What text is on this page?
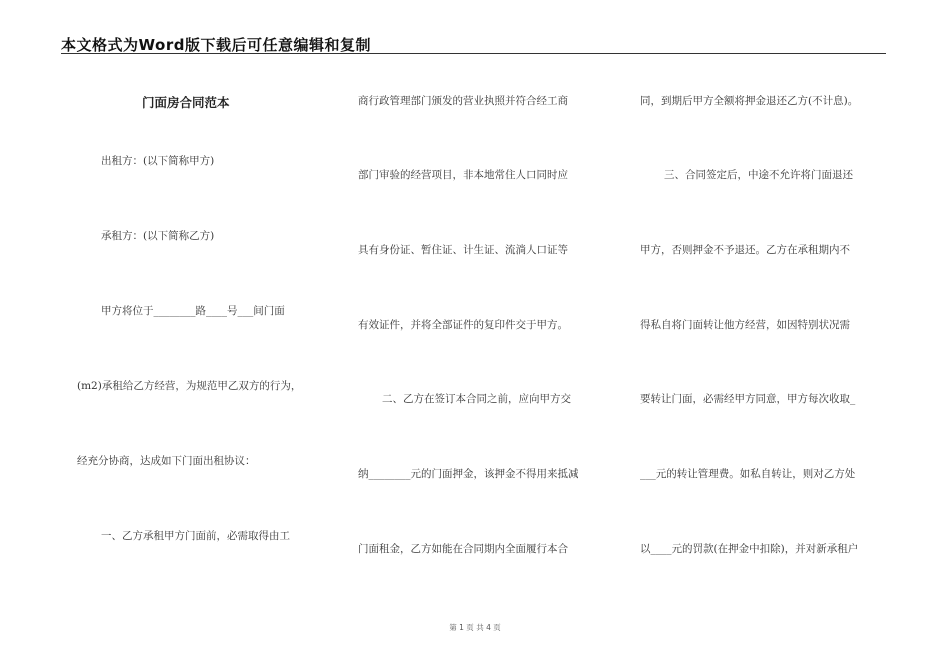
本文格式为Word版下载后可任意编辑和复制
门面房合同范本
出租方：(以下简称甲方)
承租方：(以下简称乙方)
甲方将位于________路____号___间门面
(m2)承租给乙方经营，为规范甲乙双方的行为，
经充分协商，达成如下门面出租协议：
一、乙方承租甲方门面前，必需取得由工
商行政管理部门颁发的营业执照并符合经工商
部门审验的经营项目，非本地常住人口同时应
具有身份证、暂住证、计生证、流淌人口证等
有效证件，并将全部证件的复印件交于甲方。
二、乙方在签订本合同之前，应向甲方交
纳________元的门面押金，该押金不得用来抵减
门面租金，乙方如能在合同期内全面履行本合
同，到期后甲方全额将押金退还乙方(不计息)。
三、合同签定后，中途不允许将门面退还
甲方，否则押金不予退还。乙方在承租期内不
得私自将门面转让他方经营，如因特别状况需
要转让门面，必需经甲方同意，甲方每次收取_
___元的转让管理费。如私自转让，则对乙方处
以____元的罚款(在押金中扣除)，并对新承租户
第 1 页 共 4 页
